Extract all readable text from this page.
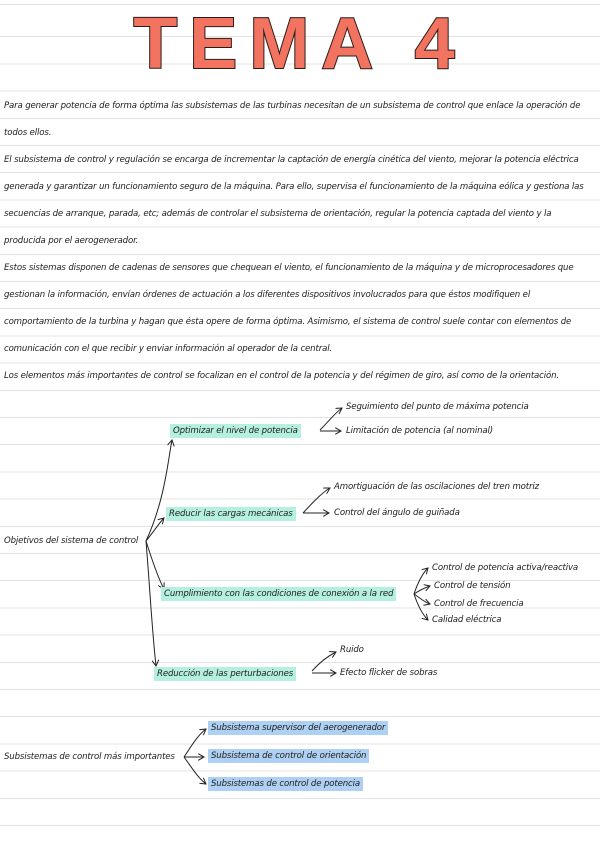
TEMA 4

Para generar potencia de forma óptima las subsistemas de las turbinas necesitan de un subsistema de control que enlace la operación de todos ellos.

El subsistema de control y regulación se encarga de incrementar la captación de energía cinética del viento, mejorar la potencia eléctrica generada y garantizar un funcionamiento seguro de la máquina. Para ello, supervisa el funcionamiento de la máquina eólica y gestiona las secuencias de arranque, parada, etc; además de controlar el subsistema de orientación, regular la potencia captada del viento y la producida por el aerogenerador.

Estos sistemas disponen de cadenas de sensores que chequean el viento, el funcionamiento de la máquina y de microprocesadores que gestionan la información, envían órdenes de actuación a los diferentes dispositivos involucrados para que éstos modifiquen el comportamiento de la turbina y hagan que ésta opere de forma óptima. Asimismo, el sistema de control suele contar con elementos de comunicación con el que recibir y enviar información al operador de la central.

Los elementos más importantes de control se focalizan en el control de la potencia y del régimen de giro, así como de la orientación.

Objetivos del sistema de control
Optimizar el nivel de potencia
Seguimiento del punto de máxima potencia
Limitación de potencia (al nominal)
Reducir las cargas mecánicas
Amortiguación de las oscilaciones del tren motriz
Control del ángulo de guiñada
Cumplimiento con las condiciones de conexión a la red
Control de potencia activa/reactiva
Control de tensión
Control de frecuencia
Calidad eléctrica
Reducción de las perturbaciones
Ruido
Efecto flicker de sobras
Subsistemas de control más importantes
Subsistema supervisor del aerogenerador
Subsistema de control de orientación
Subsistemas de control de potencia
